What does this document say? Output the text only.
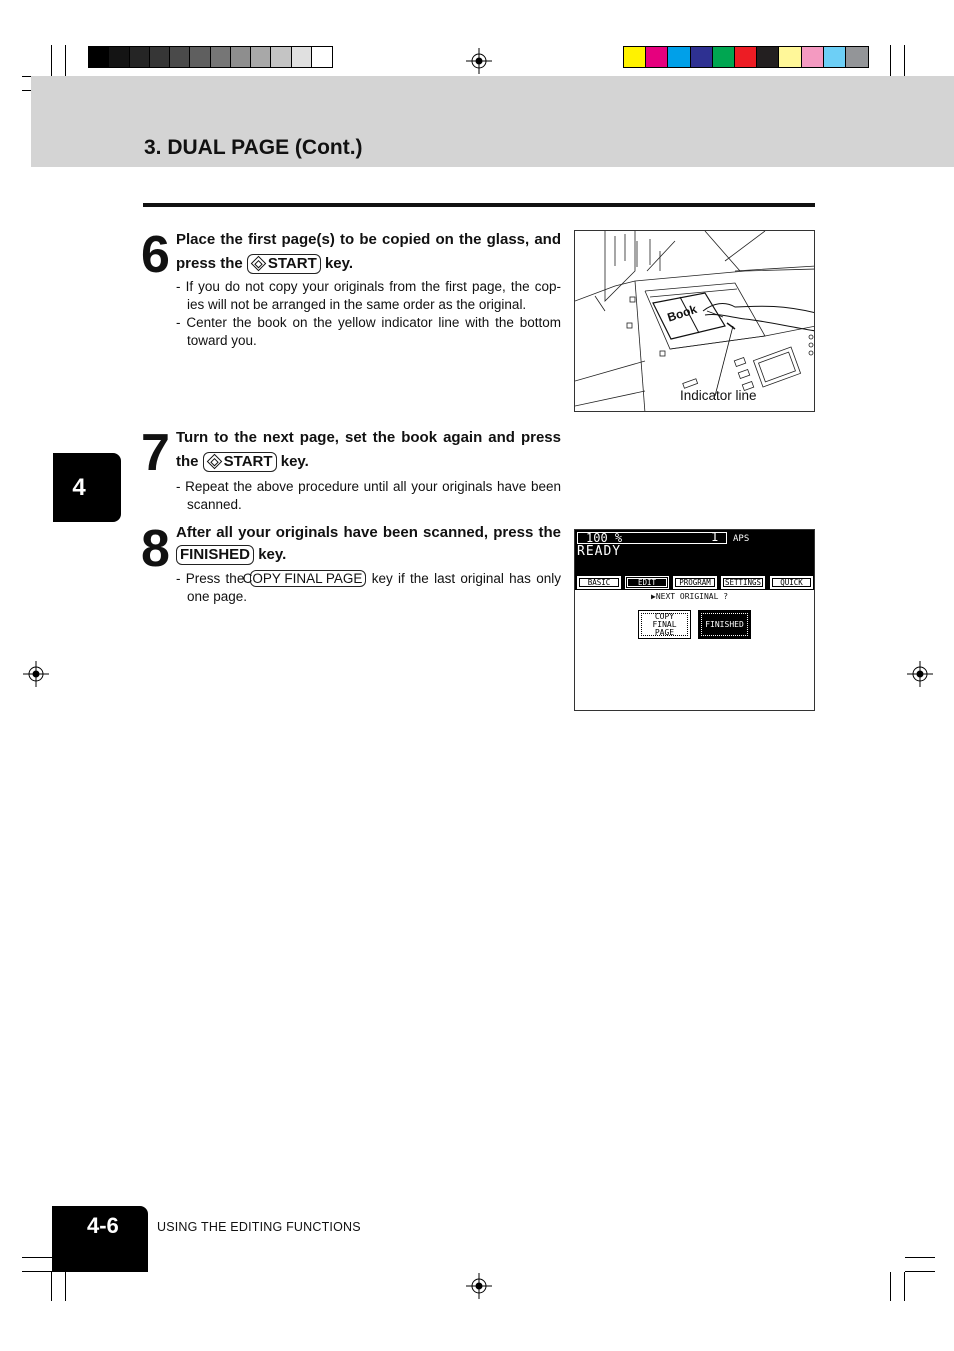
3. DUAL PAGE (Cont.)
4
6 Place the first page(s) to be copied on the glass, and press the START key.
- If you do not copy your originals from the first page, the cop- ies will not be arranged in the same order as the original.
- Center the book on the yellow indicator line with the bottom toward you.
Book
Indicator line
7 Turn to the next page, set the book again and press the START key.
- Repeat the above procedure until all your originals have been scanned.
8 After all your originals have been scanned, press the FINISHED key.
- Press the COPY FINAL PAGE key if the last original has only one page.
100 %	1 APS
READY
BASIC	EDIT	PROGRAM	SETTINGS	QUICK
▶NEXT ORIGINAL ?
COPY
FINAL
PAGE
FINISHED
4-6	USING THE EDITING FUNCTIONS
